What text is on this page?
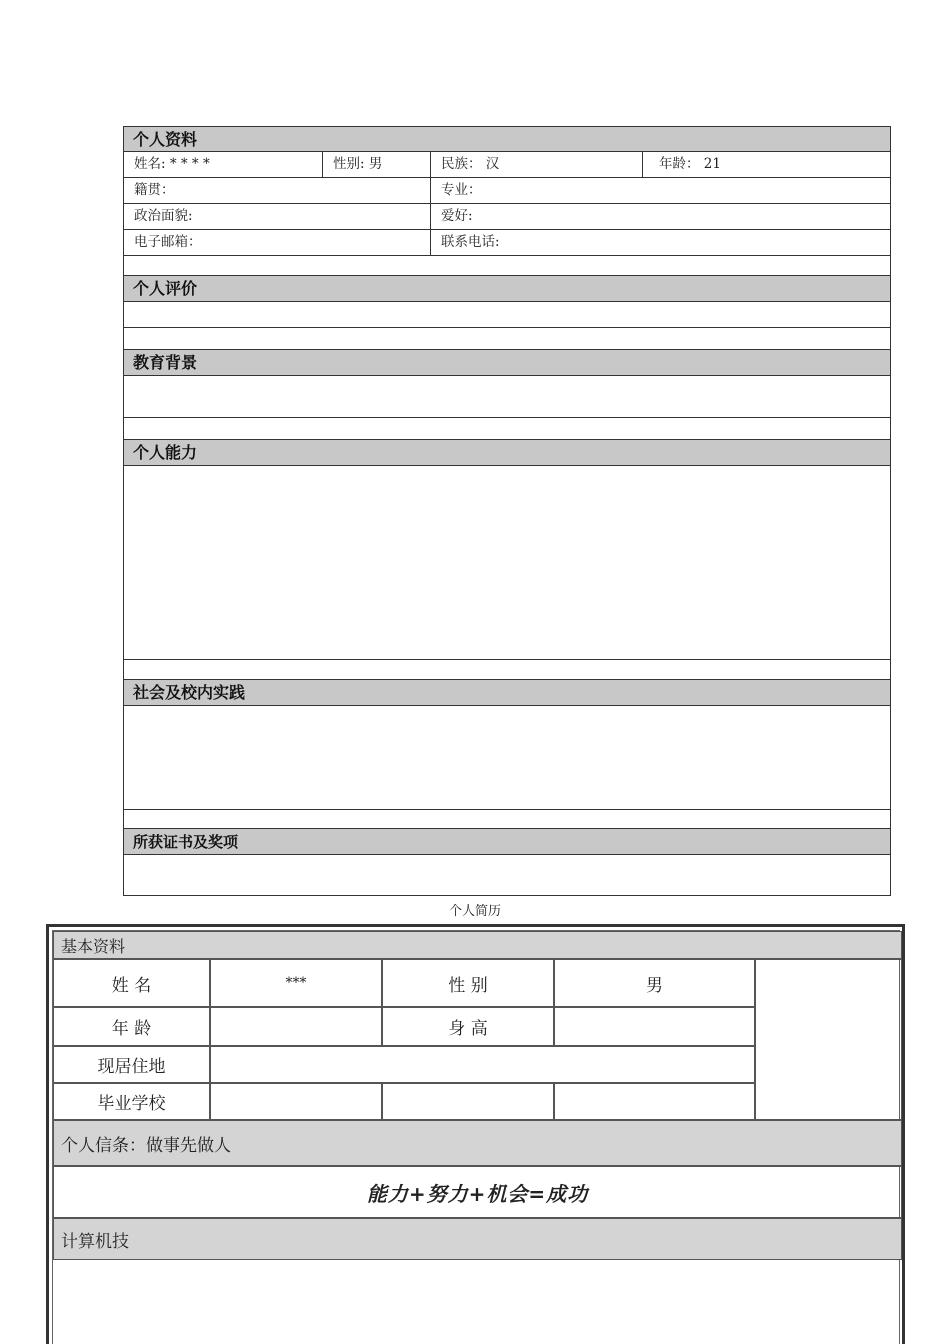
个人资料
姓名: * * * *	性别: 男	民族： 汉	年龄： 21
籍贯：	专业：
政治面貌:	爱好:
电子邮箱：	联系电话:
个人评价
教育背景
个人能力
社会及校内实践
所获证书及奖项
个人简历
基本资料
姓 名	***	性 别	男
年 龄	身 高
现居住地
毕业学校
个人信条：做事先做人
能力+努力+机会=成功
计算机技
